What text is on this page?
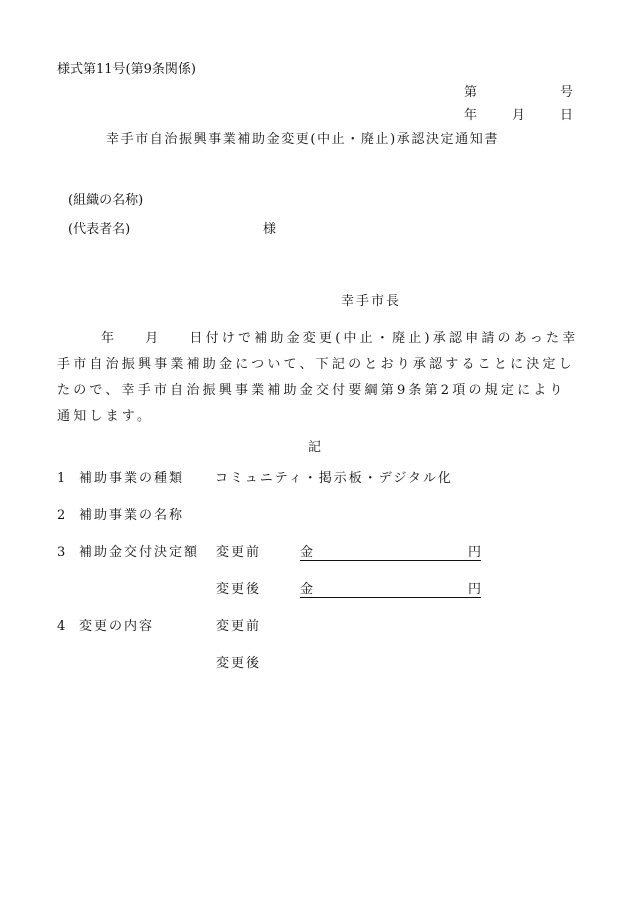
様式第11号(第9条関係)
第	号
年	月	日
幸手市自治振興事業補助金変更(中止・廃止)承認決定通知書
(組織の名称)
(代表者名)	様
幸手市長
年 月 日付けで補助金変更(中止・廃止)承認申請のあった幸手市自治振興事業補助金について、下記のとおり承認することに決定したので、幸手市自治振興事業補助金交付要綱第9条第2項の規定により通知します。
記
1 補助事業の種類 コミュニティ・掲示板・デジタル化
2 補助事業の名称
3 補助金交付決定額 変更前	金	円
変更後	金	円
4 変更の内容	変更前
変更後
